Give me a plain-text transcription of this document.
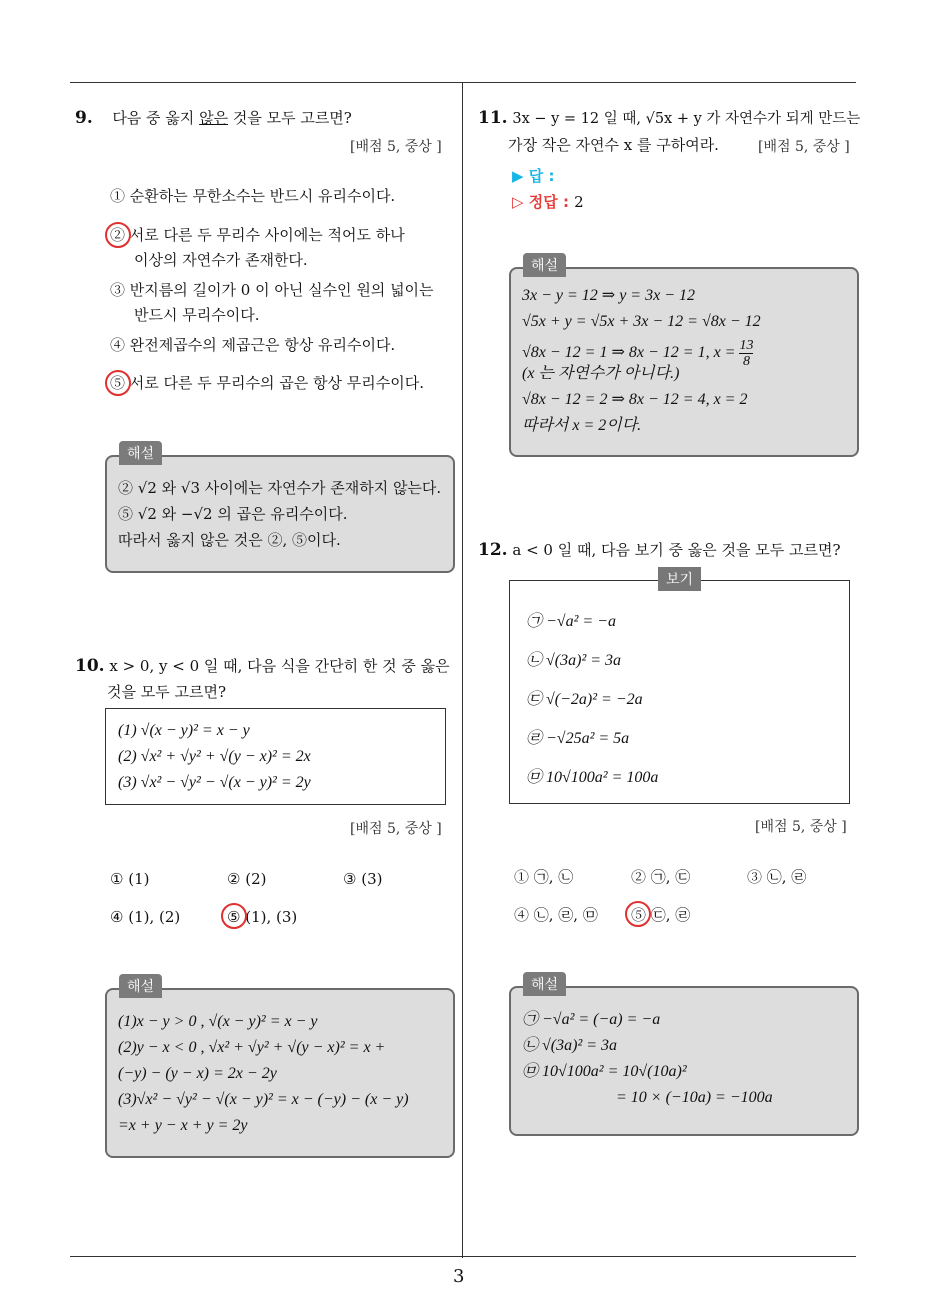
3
9. 다음 중 옳지 않은 것을 모두 고르면?
[배점 5, 중상 ]
① 순환하는 무한소수는 반드시 유리수이다.
② 서로 다른 두 무리수 사이에는 적어도 하나
이상의 자연수가 존재한다.
③ 반지름의 길이가 0 이 아닌 실수인 원의 넓이는
반드시 무리수이다.
④ 완전제곱수의 제곱근은 항상 유리수이다.
⑤ 서로 다른 두 무리수의 곱은 항상 무리수이다.
해설
② √2 와 √3 사이에는 자연수가 존재하지 않는다.
⑤ √2 와 −√2 의 곱은 유리수이다.
따라서 옳지 않은 것은 ②, ⑤이다.
10. x > 0, y < 0 일 때, 다음 식을 간단히 한 것 중 옳은
것을 모두 고르면?
(1) √(x − y)² = x − y
(2) √x² + √y² + √(y − x)² = 2x
(3) √x² − √y² − √(x − y)² = 2y
[배점 5, 중상 ]
① (1)	② (2)	③ (3)
④ (1), (2)	⑤ (1), (3)
해설
(1)x − y > 0 , √(x − y)² = x − y
(2)y − x < 0 , √x² + √y² + √(y − x)² = x +
(−y) − (y − x) = 2x − 2y
(3)√x² − √y² − √(x − y)² = x − (−y) − (x − y)
=x + y − x + y = 2y
11. 3x − y = 12 일 때, √5x + y 가 자연수가 되게 만드는
가장 작은 자연수 x 를 구하여라.	[배점 5, 중상 ]
▶ 답 :
▷ 정답 : 2
해설
3x − y = 12 ⇒ y = 3x − 12
√5x + y = √5x + 3x − 12 = √8x − 12
√8x − 12 = 1 ⇒ 8x − 12 = 1, $x = \frac{13}{8}$
(x 는 자연수가 아니다.)
√8x − 12 = 2 ⇒ 8x − 12 = 4, x = 2
따라서 x = 2이다.
12. a < 0 일 때, 다음 보기 중 옳은 것을 모두 고르면?
보기
㉠ −√a² = −a
㉡ √(3a)² = 3a
㉢ √(−2a)² = −2a
㉣ −√25a² = 5a
㉤ 10√100a² = 100a
[배점 5, 중상 ]
① ㉠, ㉡	② ㉠, ㉢	③ ㉡, ㉣
④ ㉡, ㉣, ㉤ ⑤ ㉢, ㉣
해설
㉠ −√a² = (−a) = −a
㉡ √(3a)² = 3a
㉤ 10√100a² = 10√(10a)²
= 10 × (−10a) = −100a
